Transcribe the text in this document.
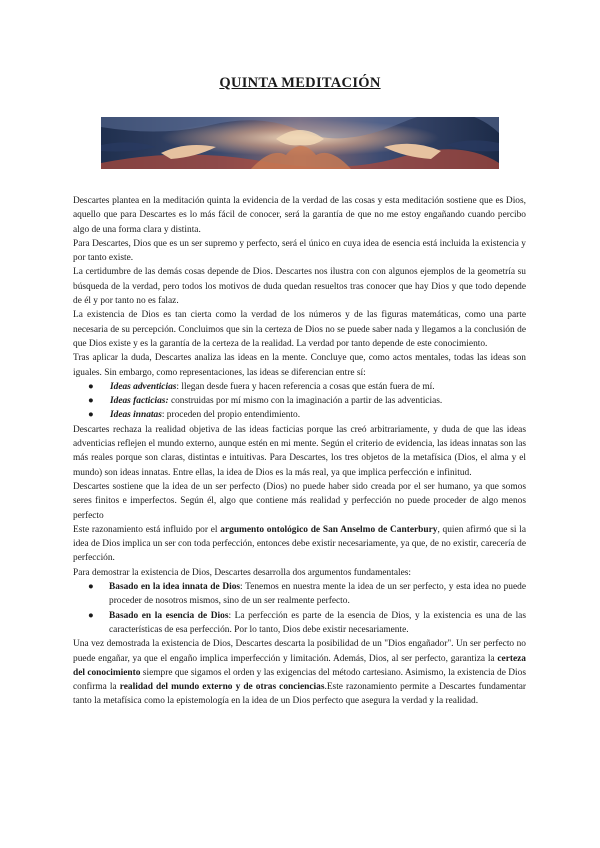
QUINTA MEDITACIÓN

Descartes plantea en la meditación quinta la evidencia de la verdad de las cosas y esta meditación sostiene que es Dios, aquello que para Descartes es lo más fácil de conocer, será la garantía de que no me estoy engañando cuando percibo algo de una forma clara y distinta.

Para Descartes, Dios que es un ser supremo y perfecto, será el único en cuya idea de esencia está incluida la existencia y por tanto existe.

La certidumbre de las demás cosas depende de Dios. Descartes nos ilustra con con algunos ejemplos de la geometría su búsqueda de la verdad, pero todos los motivos de duda quedan resueltos tras conocer que hay Dios y que todo depende de él y por tanto no es falaz.

La existencia de Dios es tan cierta como la verdad de los números y de las figuras matemáticas, como una parte necesaria de su percepción. Concluimos que sin la certeza de Dios no se puede saber nada y llegamos a la conclusión de que Dios existe y es la garantía de la certeza de la realidad. La verdad por tanto depende de este conocimiento.

Tras aplicar la duda, Descartes analiza las ideas en la mente. Concluye que, como actos mentales, todas las ideas son iguales. Sin embargo, como representaciones, las ideas se diferencian entre sí:

● Ideas adventicias: llegan desde fuera y hacen referencia a cosas que están fuera de mí.
● Ideas facticias: construidas por mí mismo con la imaginación a partir de las adventicias.
● Ideas innatas: proceden del propio entendimiento.

Descartes rechaza la realidad objetiva de las ideas facticias porque las creó arbitrariamente, y duda de que las ideas adventicias reflejen el mundo externo, aunque estén en mi mente. Según el criterio de evidencia, las ideas innatas son las más reales porque son claras, distintas e intuitivas. Para Descartes, los tres objetos de la metafísica (Dios, el alma y el mundo) son ideas innatas. Entre ellas, la idea de Dios es la más real, ya que implica perfección e infinitud.

Descartes sostiene que la idea de un ser perfecto (Dios) no puede haber sido creada por el ser humano, ya que somos seres finitos e imperfectos. Según él, algo que contiene más realidad y perfección no puede proceder de algo menos perfecto

Este razonamiento está influido por el argumento ontológico de San Anselmo de Canterbury, quien afirmó que si la idea de Dios implica un ser con toda perfección, entonces debe existir necesariamente, ya que, de no existir, carecería de perfección.

Para demostrar la existencia de Dios, Descartes desarrolla dos argumentos fundamentales:

● Basado en la idea innata de Dios: Tenemos en nuestra mente la idea de un ser perfecto, y esta idea no puede proceder de nosotros mismos, sino de un ser realmente perfecto.
● Basado en la esencia de Dios: La perfección es parte de la esencia de Dios, y la existencia es una de las características de esa perfección. Por lo tanto, Dios debe existir necesariamente.

Una vez demostrada la existencia de Dios, Descartes descarta la posibilidad de un "Dios engañador". Un ser perfecto no puede engañar, ya que el engaño implica imperfección y limitación. Además, Dios, al ser perfecto, garantiza la certeza del conocimiento siempre que sigamos el orden y las exigencias del método cartesiano. Asimismo, la existencia de Dios confirma la realidad del mundo externo y de otras conciencias.Este razonamiento permite a Descartes fundamentar tanto la metafísica como la epistemología en la idea de un Dios perfecto que asegura la verdad y la realidad.
